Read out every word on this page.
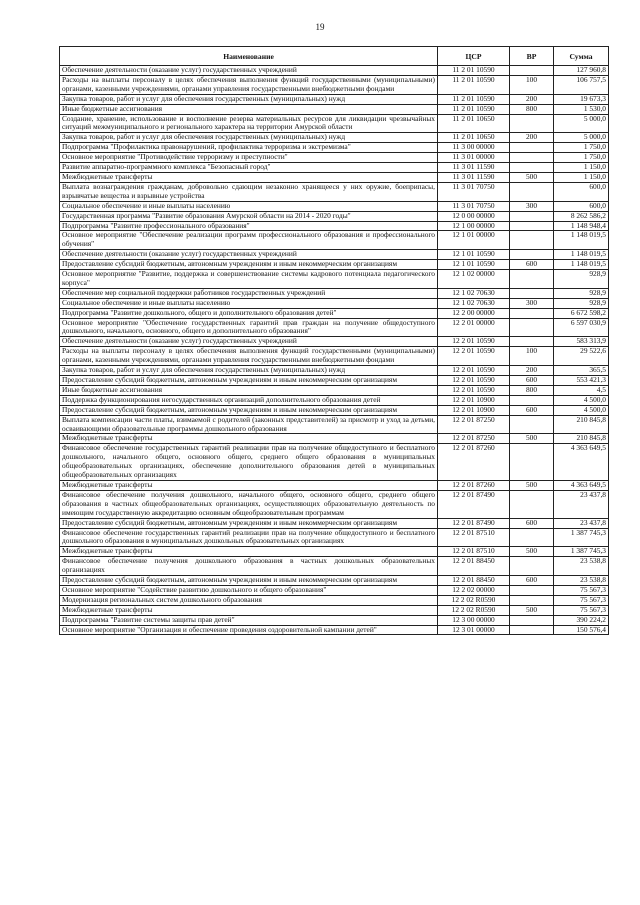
19
Наименование	ЦСР	ВР	Сумма
Обеспечение деятельности (оказание услуг) государственных учреждений	11 2 01 10590		127 960,8
Расходы на выплаты персоналу в целях обеспечения выполнения функций государственными (муниципальными) органами, казенными учреждениями, органами управления государственными внебюджетными фондами	11 2 01 10590	100	106 757,5
Закупка товаров, работ и услуг для обеспечения государственных (муниципальных) нужд	11 2 01 10590	200	19 673,3
Иные бюджетные ассигнования	11 2 01 10590	800	1 530,0
Создание, хранение, использование и восполнение резерва материальных ресурсов для ликвидации чрезвычайных ситуаций межмуниципального и регионального характера на территории Амурской области	11 2 01 10650		5 000,0
Закупка товаров, работ и услуг для обеспечения государственных (муниципальных) нужд	11 2 01 10650	200	5 000,0
Подпрограмма "Профилактика правонарушений, профилактика терроризма и экстремизма"	11 3 00 00000		1 750,0
Основное мероприятие "Противодействие терроризму и преступности"	11 3 01 00000		1 750,0
Развитие аппаратно-программного комплекса "Безопасный город"	11 3 01 11590		1 150,0
Межбюджетные трансферты	11 3 01 11590	500	1 150,0
Выплата вознаграждения гражданам, добровольно сдающим незаконно хранящееся у них оружие, боеприпасы, взрывчатые вещества и взрывные устройства	11 3 01 70750		600,0
Социальное обеспечение и иные выплаты населению	11 3 01 70750	300	600,0
Государственная программа "Развитие образования Амурской области на 2014 - 2020 годы"	12 0 00 00000		8 262 586,2
Подпрограмма "Развитие профессионального образования"	12 1 00 00000		1 148 948,4
Основное мероприятие "Обеспечение реализации программ профессионального образования и профессионального обучения"	12 1 01 00000		1 148 019,5
Обеспечение деятельности (оказание услуг) государственных учреждений	12 1 01 10590		1 148 019,5
Предоставление субсидий бюджетным, автономным учреждениям и иным некоммерческим организациям	12 1 01 10590	600	1 148 019,5
Основное мероприятие "Развитие, поддержка и совершенствование системы кадрового потенциала педагогического корпуса"	12 1 02 00000		928,9
Обеспечение мер социальной поддержки работников государственных учреждений	12 1 02 70630		928,9
Социальное обеспечение и иные выплаты населению	12 1 02 70630	300	928,9
Подпрограмма "Развитие дошкольного, общего и дополнительного образования детей"	12 2 00 00000		6 672 598,2
Основное мероприятие "Обеспечение государственных гарантий прав граждан на получение общедоступного дошкольного, начального, основного, общего и дополнительного образования"	12 2 01 00000		6 597 030,9
Обеспечение деятельности (оказание услуг) государственных учреждений	12 2 01 10590		583 313,9
Расходы на выплаты персоналу в целях обеспечения выполнения функций государственными (муниципальными) органами, казенными учреждениями, органами управления государственными внебюджетными фондами	12 2 01 10590	100	29 522,6
Закупка товаров, работ и услуг для обеспечения государственных (муниципальных) нужд	12 2 01 10590	200	365,5
Предоставление субсидий бюджетным, автономным учреждениям и иным некоммерческим организациям	12 2 01 10590	600	553 421,3
Иные бюджетные ассигнования	12 2 01 10590	800	4,5
Поддержка функционирования негосударственных организаций дополнительного образования детей	12 2 01 10900		4 500,0
Предоставление субсидий бюджетным, автономным учреждениям и иным некоммерческим организациям	12 2 01 10900	600	4 500,0
Выплата компенсации части платы, взимаемой с родителей (законных представителей) за присмотр и уход за детьми, осваивающими образовательные программы дошкольного образования	12 2 01 87250		210 845,8
Межбюджетные трансферты	12 2 01 87250	500	210 845,8
Финансовое обеспечение государственных гарантий реализации прав на получение общедоступного и бесплатного дошкольного, начального общего, основного общего, среднего общего образования в муниципальных общеобразовательных организациях, обеспечение дополнительного образования детей в муниципальных общеобразовательных организациях	12 2 01 87260		4 363 649,5
Межбюджетные трансферты	12 2 01 87260	500	4 363 649,5
Финансовое обеспечение получения дошкольного, начального общего, основного общего, среднего общего образования в частных общеобразовательных организациях, осуществляющих образовательную деятельность по имеющим государственную аккредитацию основным общеобразовательным программам	12 2 01 87490		23 437,8
Предоставление субсидий бюджетным, автономным учреждениям и иным некоммерческим организациям	12 2 01 87490	600	23 437,8
Финансовое обеспечение государственных гарантий реализации прав на получение общедоступного и бесплатного дошкольного образования в муниципальных дошкольных образовательных организациях	12 2 01 87510		1 387 745,3
Межбюджетные трансферты	12 2 01 87510	500	1 387 745,3
Финансовое обеспечение получения дошкольного образования в частных дошкольных образовательных организациях	12 2 01 88450		23 538,8
Предоставление субсидий бюджетным, автономным учреждениям и иным некоммерческим организациям	12 2 01 88450	600	23 538,8
Основное мероприятие "Содействие развитию дошкольного и общего образования"	12 2 02 00000		75 567,3
Модернизация региональных систем дошкольного образования	12 2 02 R0590		75 567,3
Межбюджетные трансферты	12 2 02 R0590	500	75 567,3
Подпрограмма "Развитие системы защиты прав детей"	12 3 00 00000		390 224,2
Основное мероприятие "Организация и обеспечение проведения оздоровительной кампании детей"	12 3 01 00000		150 576,4
